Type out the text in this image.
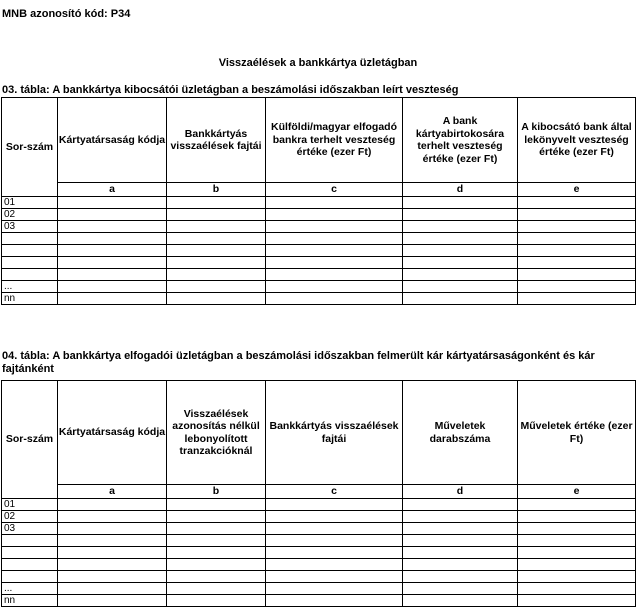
MNB azonosító kód: P34
Visszaélések a bankkártya üzletágban
03. tábla: A bankkártya kibocsátói üzletágban a beszámolási időszakban leírt veszteség
Sor-szám	Kártyatársaság kódja	Bankkártyás visszaélések fajtái	Külföldi/magyar elfogadó bankra terhelt veszteség értéke (ezer Ft)	A bank kártyabirtokosára terhelt veszteség értéke (ezer Ft)	A kibocsátó bank által lekönyvelt veszteség értéke (ezer Ft)
	a	b	c	d	e
01					
02					
03					

...					
nn					
04. tábla: A bankkártya elfogadói üzletágban a beszámolási időszakban felmerült kár kártyatársaságonként és kár fajtánként
Sor-szám	Kártyatársaság kódja	Visszaélések azonosítás nélkül lebonyolított tranzakcióknál	Bankkártyás visszaélések fajtái	Műveletek darabszáma	Műveletek értéke (ezer Ft)
	a	b	c	d	e
01					
02					
03					

...					
nn					
